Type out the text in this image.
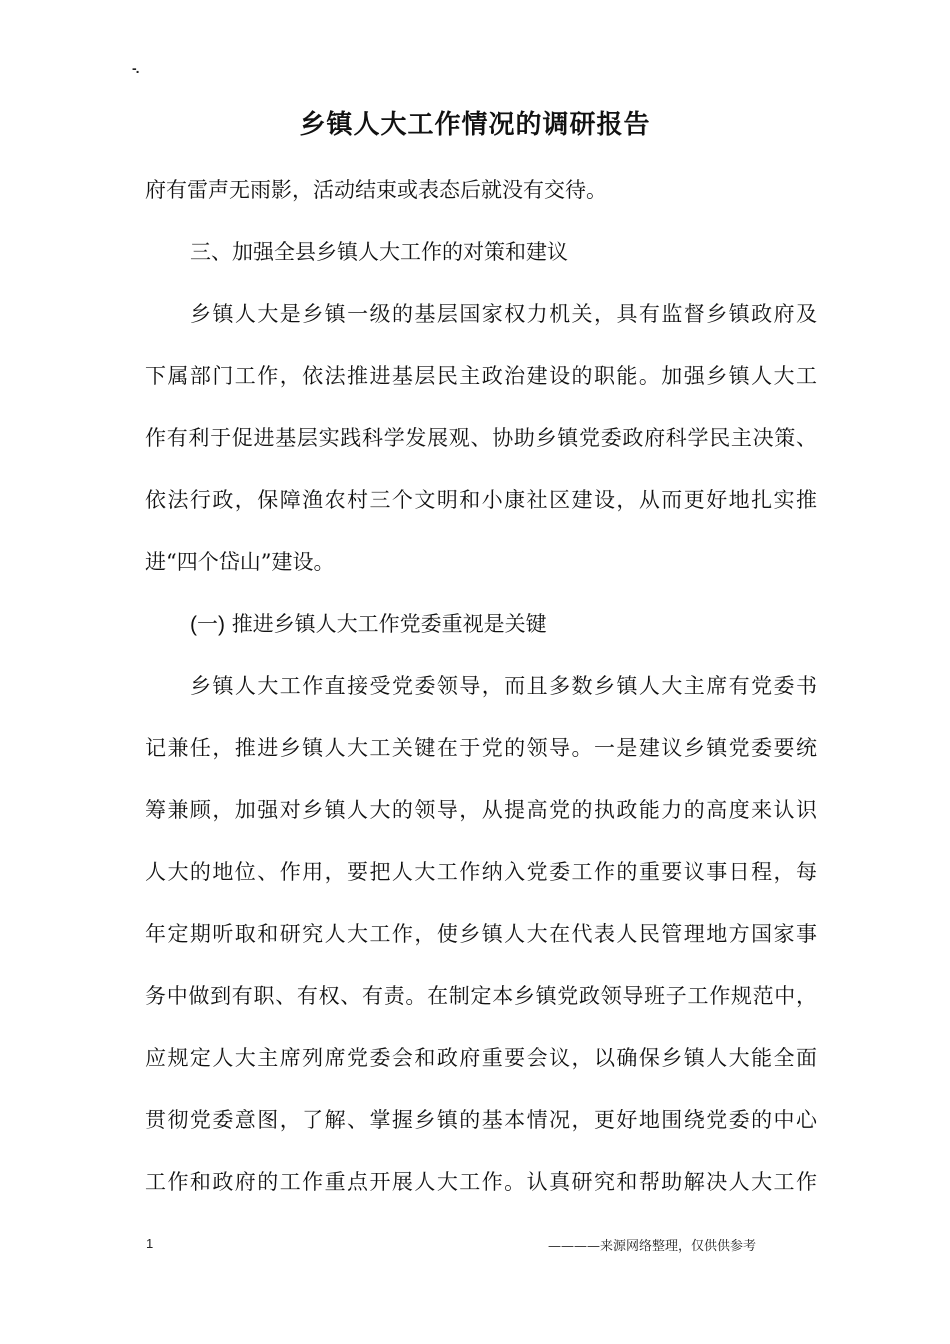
-.
乡镇人大工作情况的调研报告
府有雷声无雨影，活动结束或表态后就没有交待。
三、加强全县乡镇人大工作的对策和建议
乡镇人大是乡镇一级的基层国家权力机关，具有监督乡镇政府及
下属部门工作，依法推进基层民主政治建设的职能。加强乡镇人大工
作有利于促进基层实践科学发展观、协助乡镇党委政府科学民主决策、
依法行政，保障渔农村三个文明和小康社区建设，从而更好地扎实推
进“四个岱山”建设。
(一) 推进乡镇人大工作党委重视是关键
乡镇人大工作直接受党委领导，而且多数乡镇人大主席有党委书
记兼任，推进乡镇人大工关键在于党的领导。一是建议乡镇党委要统
筹兼顾，加强对乡镇人大的领导，从提高党的执政能力的高度来认识
人大的地位、作用，要把人大工作纳入党委工作的重要议事日程，每
年定期听取和研究人大工作，使乡镇人大在代表人民管理地方国家事
务中做到有职、有权、有责。在制定本乡镇党政领导班子工作规范中，
应规定人大主席列席党委会和政府重要会议，以确保乡镇人大能全面
贯彻党委意图，了解、掌握乡镇的基本情况，更好地围绕党委的中心
工作和政府的工作重点开展人大工作。认真研究和帮助解决人大工作
1	————来源网络整理，仅供供参考
